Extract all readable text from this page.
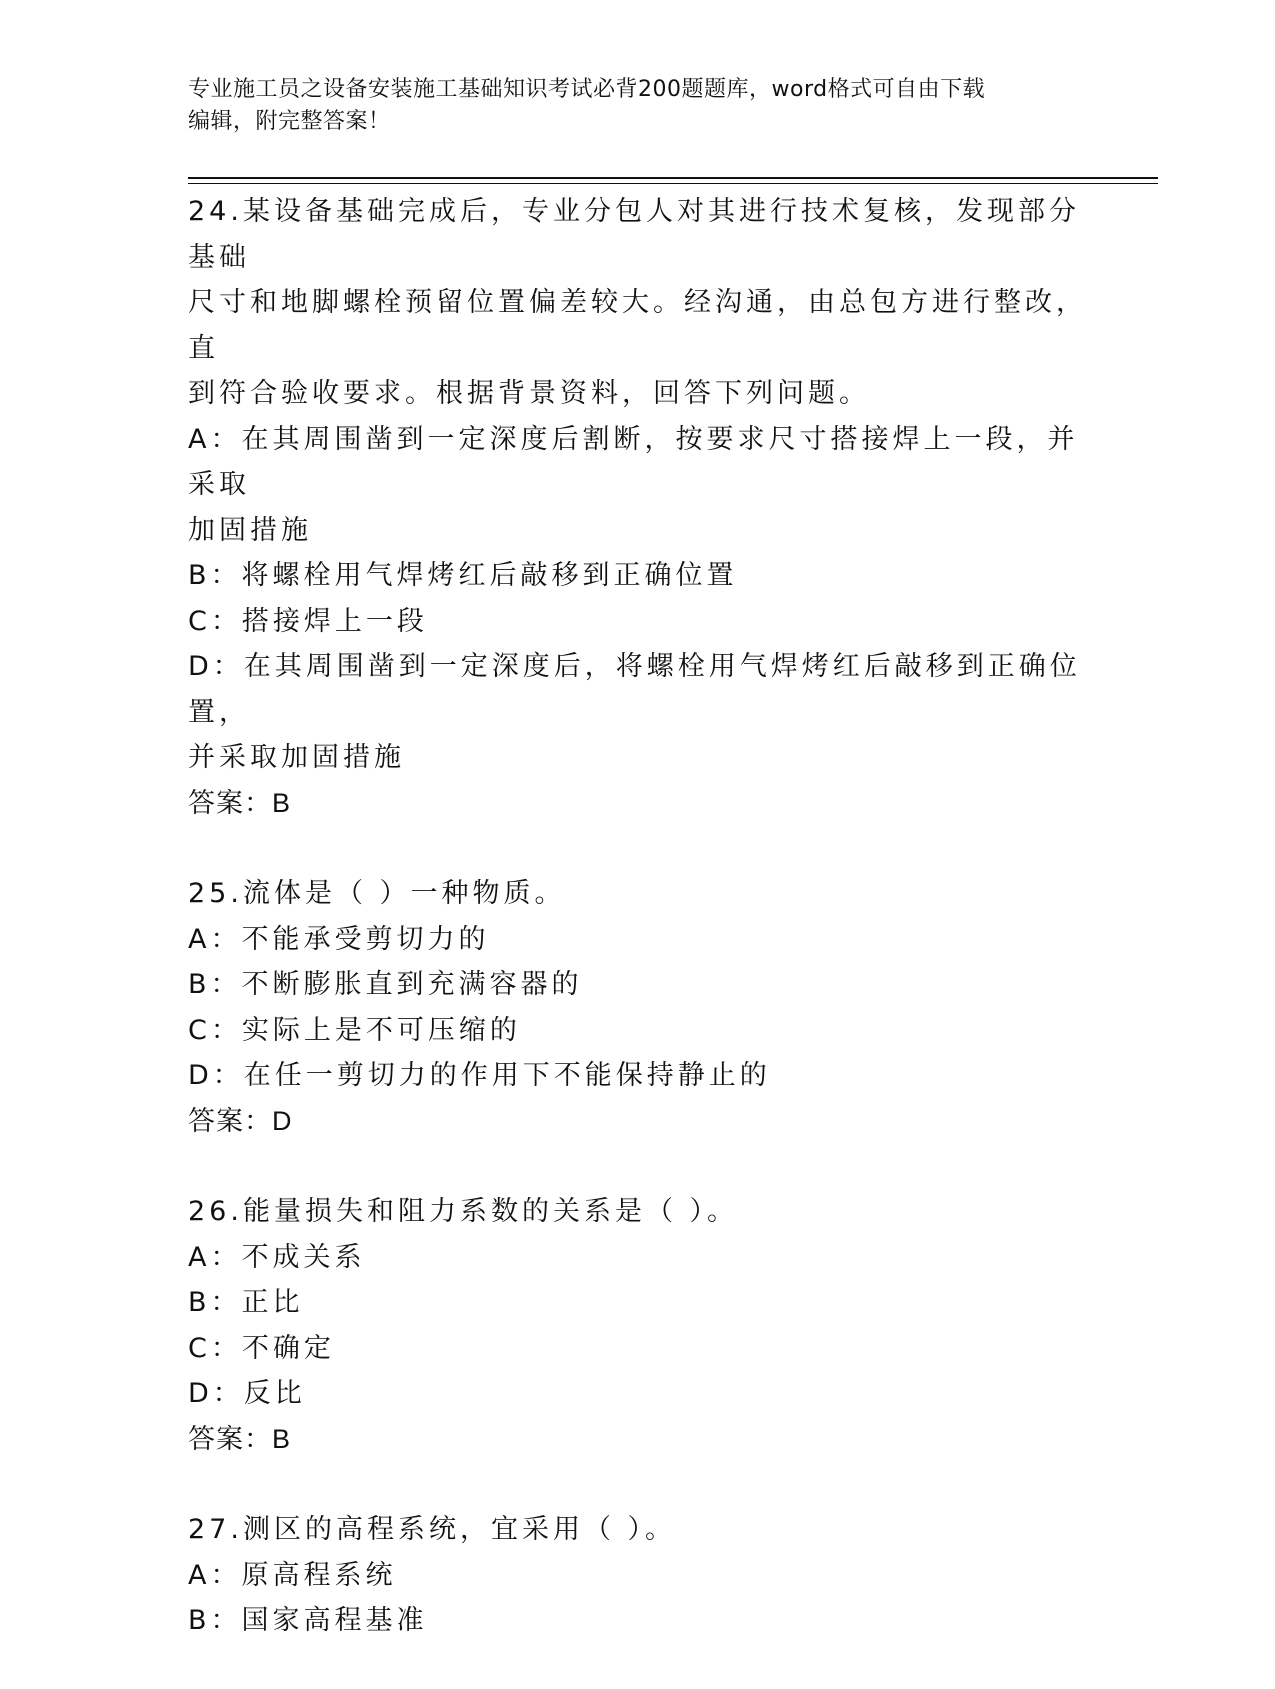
专业施工员之设备安装施工基础知识考试必背200题题库，word格式可自由下载
编辑，附完整答案！
24.某设备基础完成后，专业分包人对其进行技术复核，发现部分基础
尺寸和地脚螺栓预留位置偏差较大。经沟通，由总包方进行整改，直
到符合验收要求。根据背景资料，回答下列问题。
A：在其周围凿到一定深度后割断，按要求尺寸搭接焊上一段，并采取
加固措施
B：将螺栓用气焊烤红后敲移到正确位置
C：搭接焊上一段
D：在其周围凿到一定深度后，将螺栓用气焊烤红后敲移到正确位置，
并采取加固措施
答案：B
25.流体是（ ）一种物质。
A：不能承受剪切力的
B：不断膨胀直到充满容器的
C：实际上是不可压缩的
D：在任一剪切力的作用下不能保持静止的
答案：D
26.能量损失和阻力系数的关系是（ ）。
A：不成关系
B：正比
C：不确定
D：反比
答案：B
27.测区的高程系统，宜采用（ ）。
A：原高程系统
B：国家高程基准
